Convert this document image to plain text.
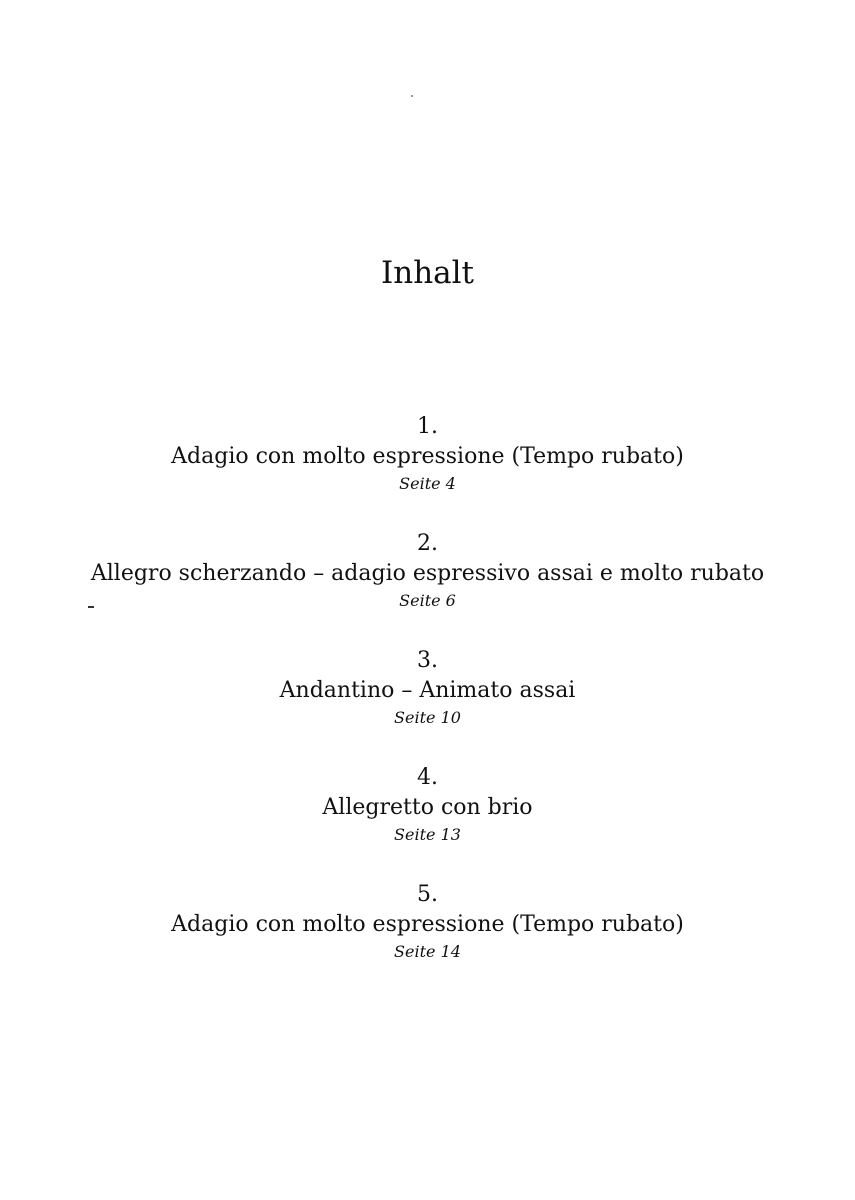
Inhalt
1.
Adagio con molto espressione (Tempo rubato)
Seite 4
2.
Allegro scherzando – adagio espressivo assai e molto rubato
Seite 6
3.
Andantino – Animato assai
Seite 10
4.
Allegretto con brio
Seite 13
5.
Adagio con molto espressione (Tempo rubato)
Seite 14
